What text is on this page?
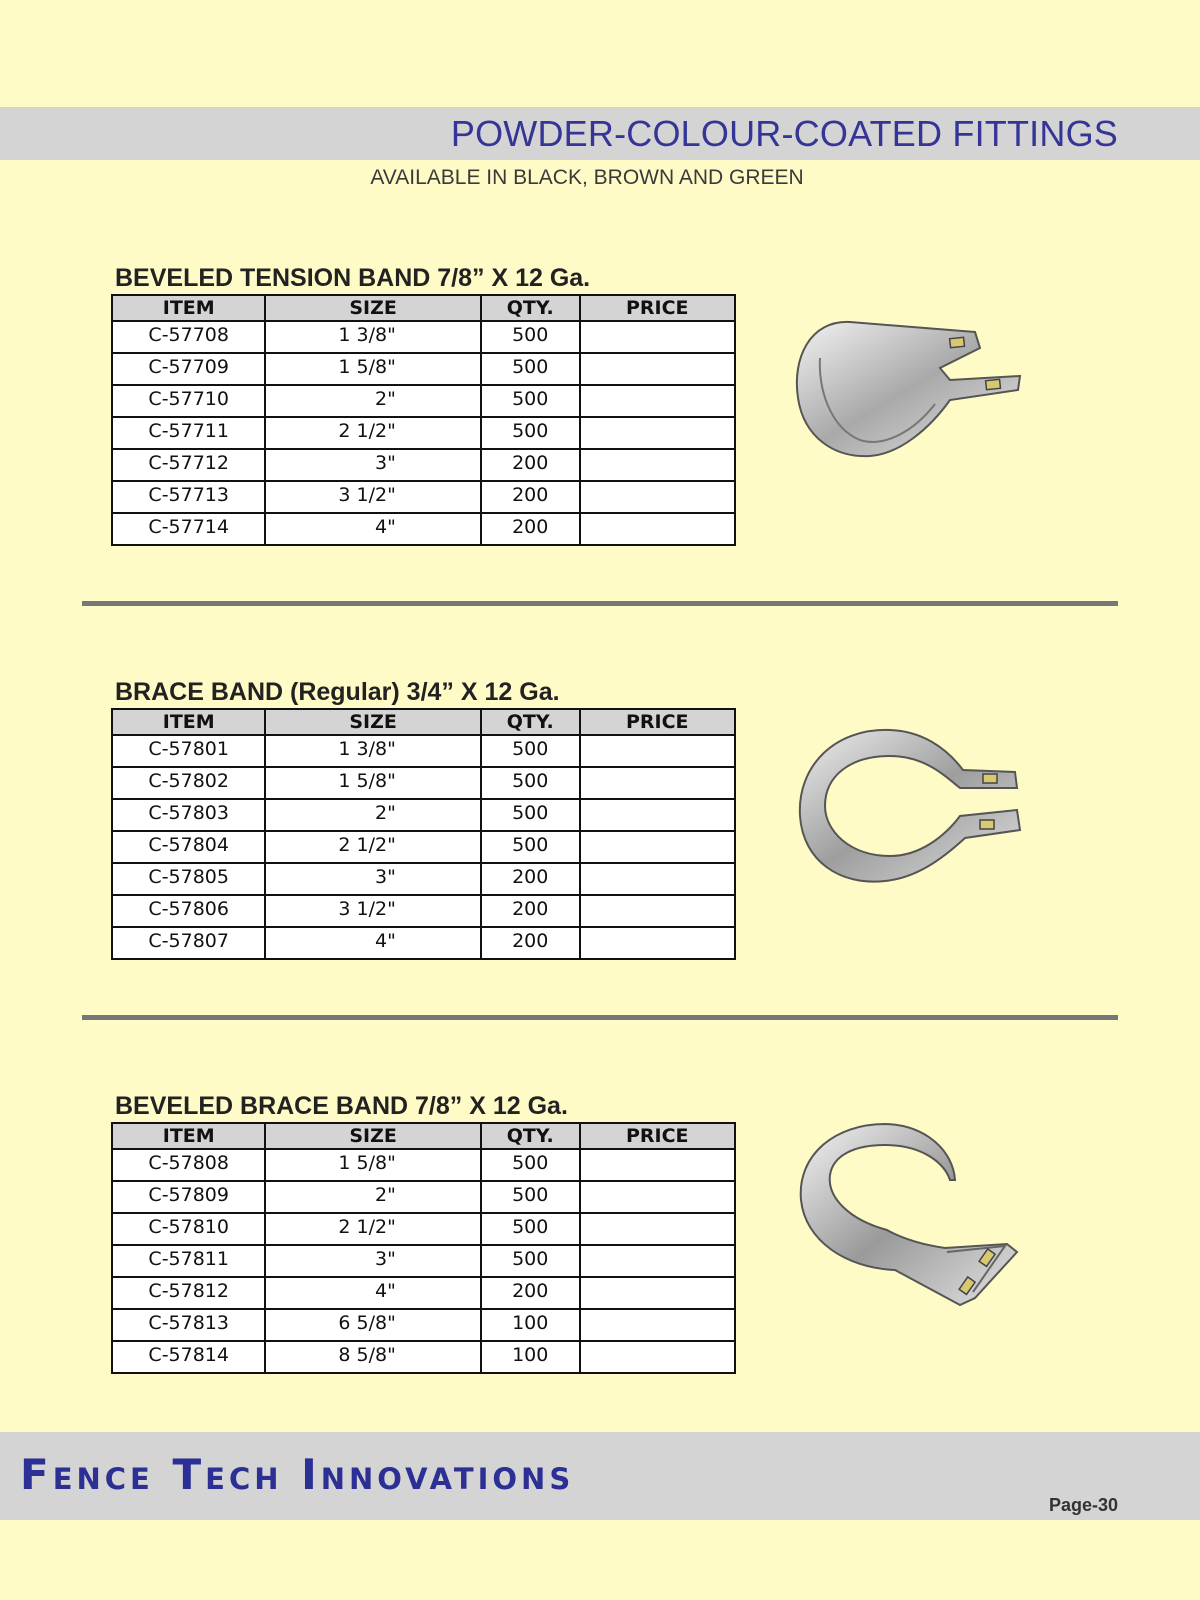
POWDER-COLOUR-COATED FITTINGS
AVAILABLE IN BLACK, BROWN AND GREEN
BEVELED TENSION BAND 7/8” X 12 Ga.
ITEM	SIZE	QTY.	PRICE
C-57708	1 3/8"	500	
C-57709	1 5/8"	500	
C-57710	2"	500	
C-57711	2 1/2"	500	
C-57712	3"	200	
C-57713	3 1/2"	200	
C-57714	4"	200	
BRACE BAND (Regular) 3/4” X 12 Ga.
ITEM	SIZE	QTY.	PRICE
C-57801	1 3/8"	500	
C-57802	1 5/8"	500	
C-57803	2"	500	
C-57804	2 1/2"	500	
C-57805	3"	200	
C-57806	3 1/2"	200	
C-57807	4"	200	
BEVELED BRACE BAND 7/8” X 12 Ga.
ITEM	SIZE	QTY.	PRICE
C-57808	1 5/8"	500	
C-57809	2"	500	
C-57810	2 1/2"	500	
C-57811	3"	500	
C-57812	4"	200	
C-57813	6 5/8"	100	
C-57814	8 5/8"	100	
Fence Tech Innovations
Page-30
